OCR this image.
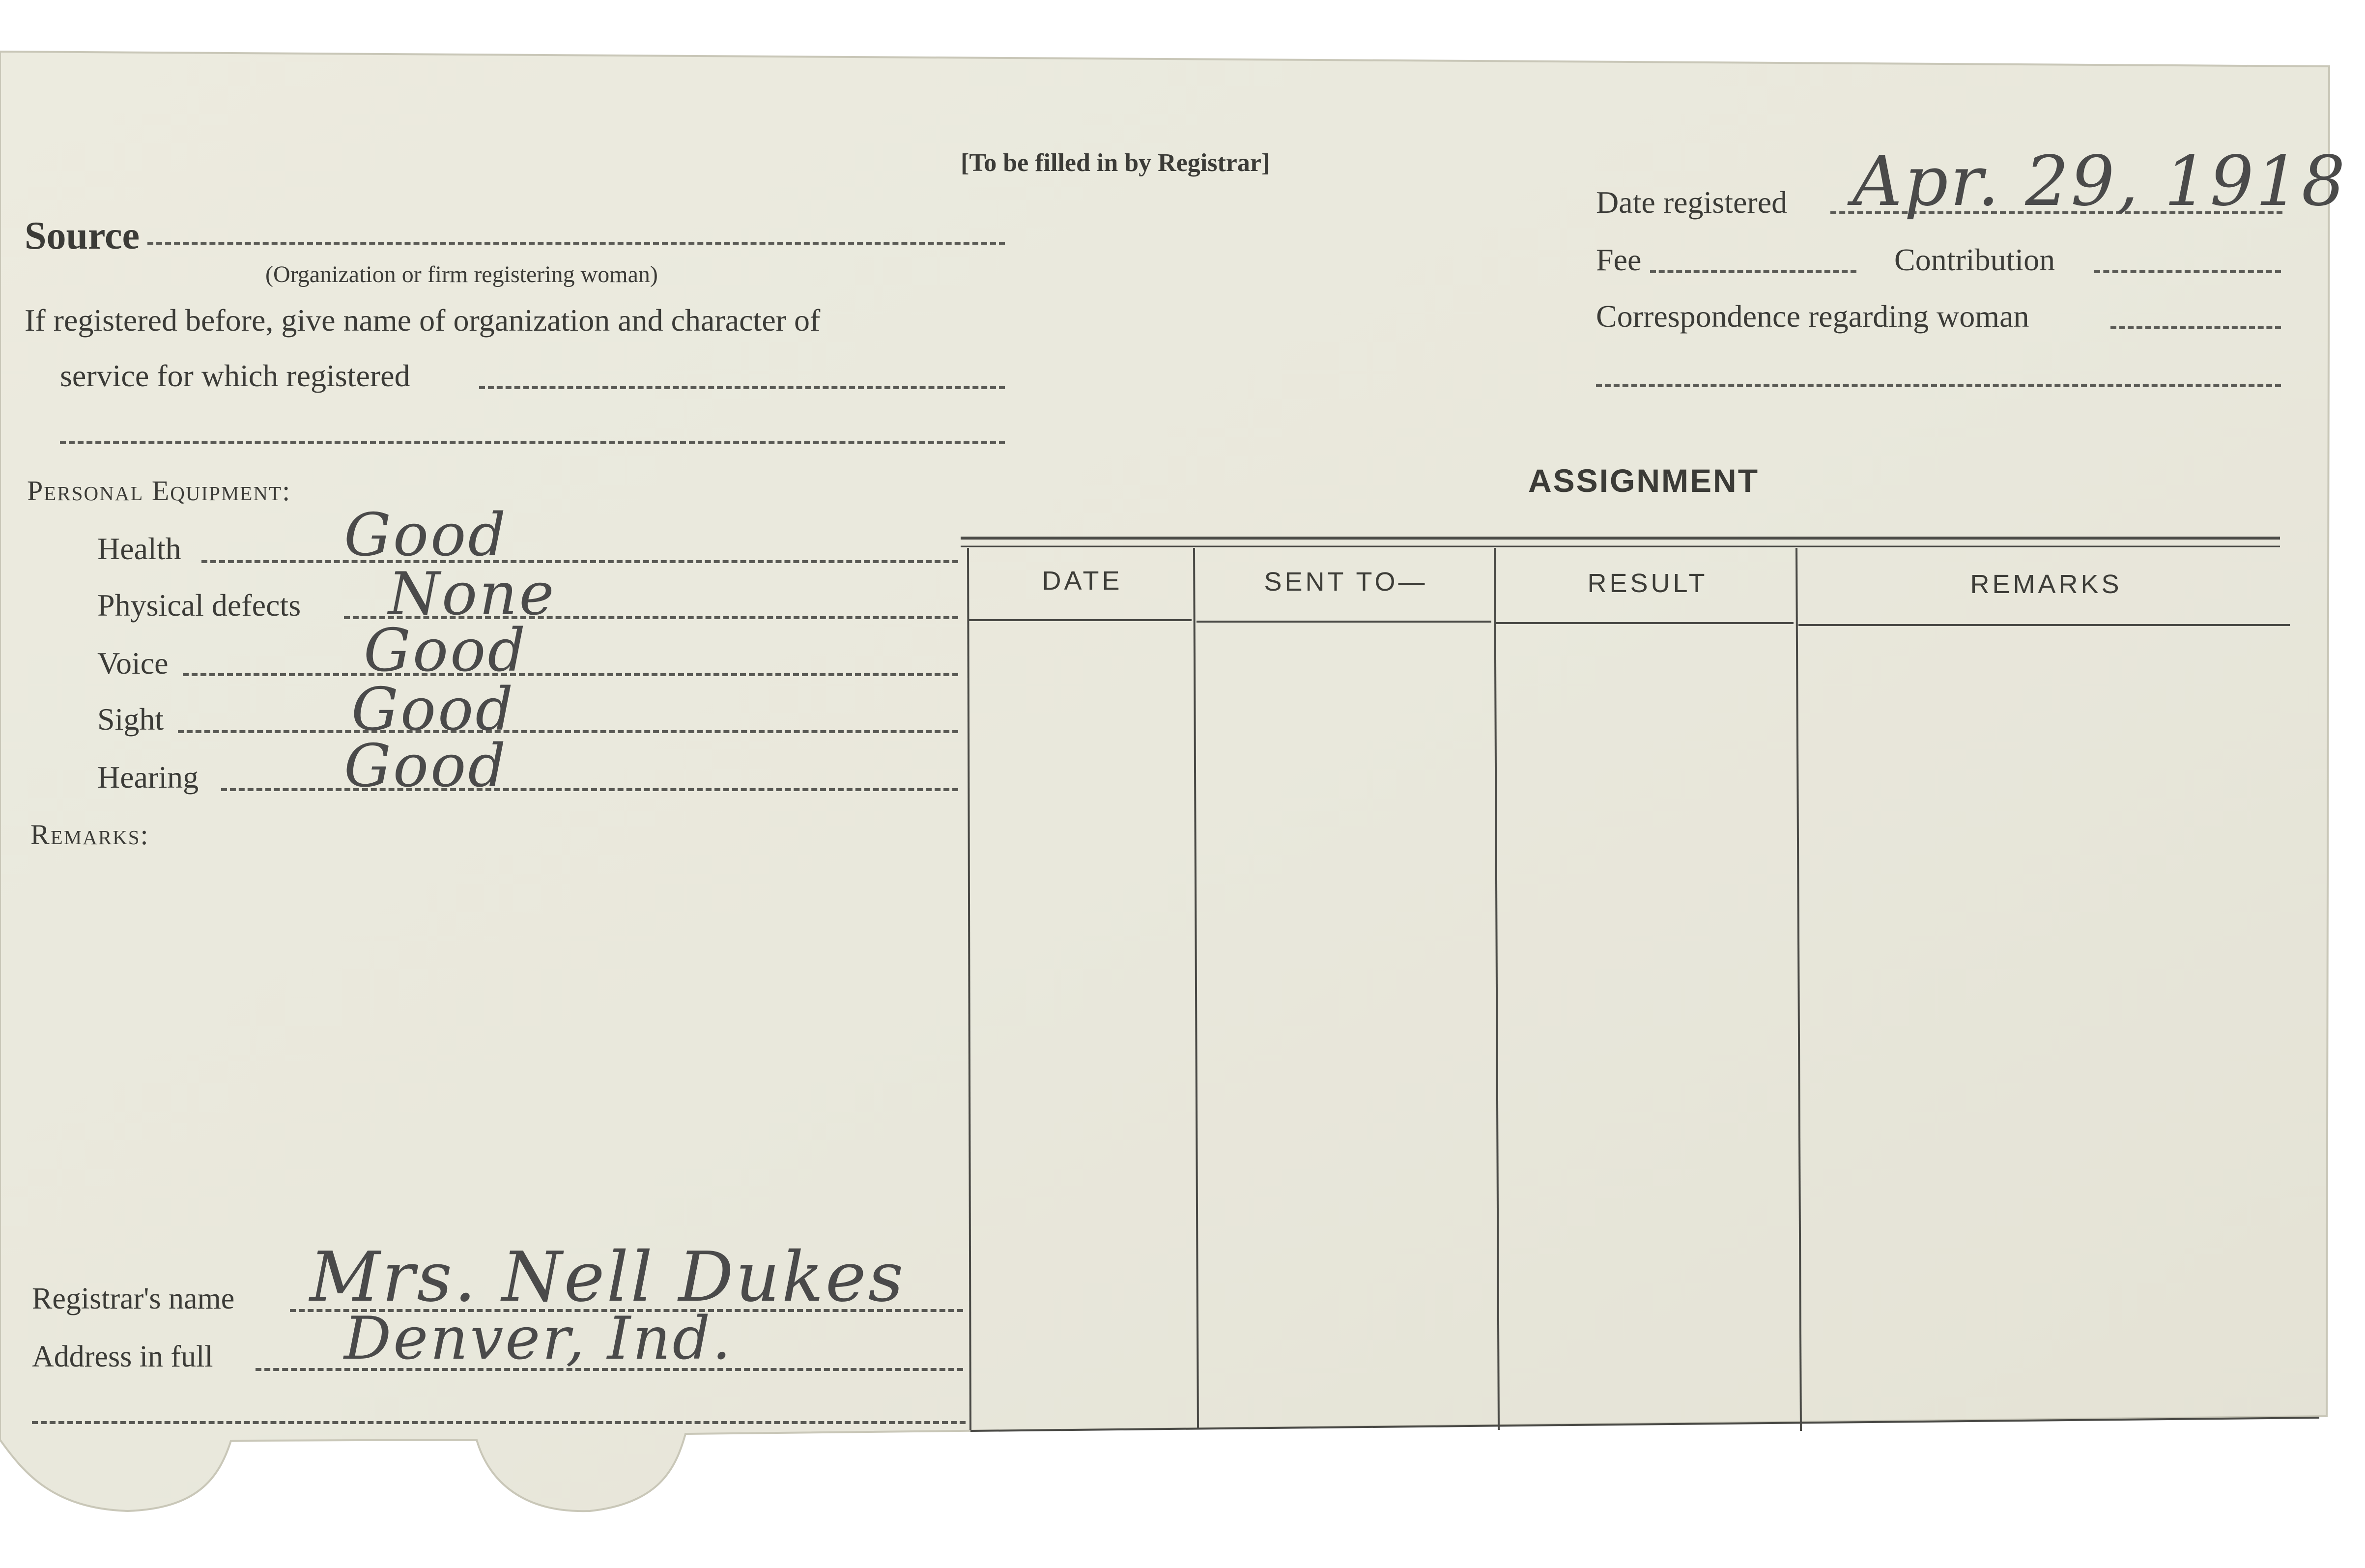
[To be filled in by Registrar]
Source
(Organization or firm registering woman)
If registered before, give name of organization and character of
service for which registered
Personal Equipment:
Health	Good
Physical defects None
Voice	Good
Sight	Good
Hearing Good
Remarks:
Registrar's name Mrs. Nell Dukes
Address in full Denver, Ind.
Date registered Apr. 29, 1918
Fee	Contribution
Correspondence regarding woman
ASSIGNMENT
DATE	SENT TO—	RESULT	REMARKS
